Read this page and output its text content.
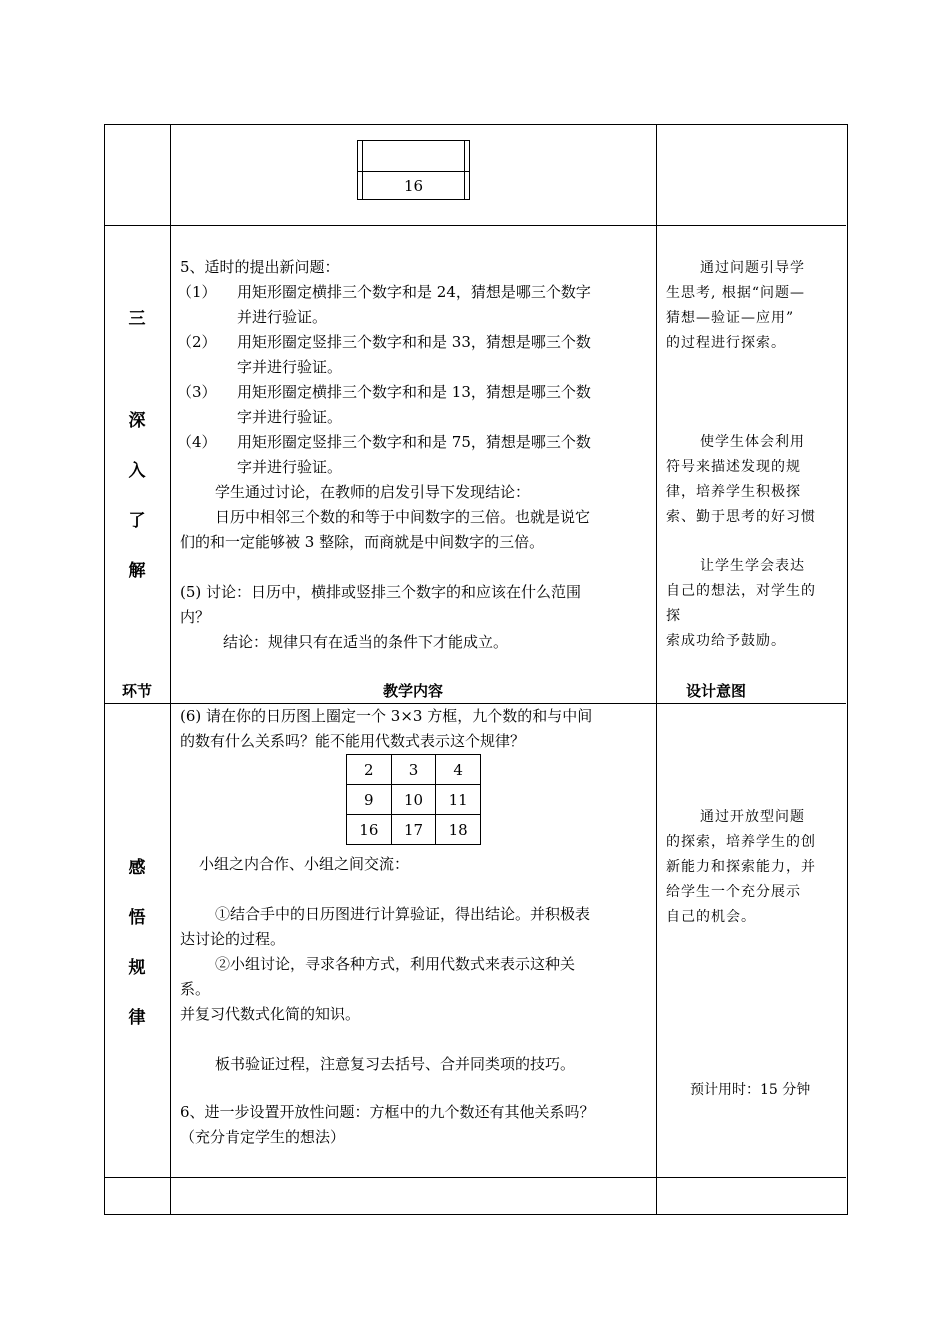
	16	
三
深
入
了
解
5、适时的提出新问题：
（1） 用矩形圈定横排三个数字和是 24，猜想是哪三个数字
并进行验证。
（2） 用矩形圈定竖排三个数字和和是 33，猜想是哪三个数
字并进行验证。
（3） 用矩形圈定横排三个数字和和是 13，猜想是哪三个数
字并进行验证。
（4） 用矩形圈定竖排三个数字和和是 75，猜想是哪三个数
字并进行验证。
学生通过讨论，在教师的启发引导下发现结论：
日历中相邻三个数的和等于中间数字的三倍。也就是说它
们的和一定能够被 3 整除，而商就是中间数字的三倍。
(5) 讨论：日历中，横排或竖排三个数字的和应该在什么范围
内？
结论：规律只有在适当的条件下才能成立。
通过问题引导学
生思考, 根据“问题—
猜想—验证—应用”
的过程进行探索。
使学生体会利用
符号来描述发现的规
律，培养学生积极探
索、勤于思考的好习惯
让学生学会表达
自己的想法，对学生的
探
索成功给予鼓励。
环节	教学内容	设计意图
感
悟
规
律
(6) 请在你的日历图上圈定一个 3×3 方框，九个数的和与中间
的数有什么关系吗？能不能用代数式表示这个规律？
2	3	4
9	10	11
16	17	18
小组之内合作、小组之间交流：
①结合手中的日历图进行计算验证，得出结论。并积极表
达讨论的过程。
②小组讨论，寻求各种方式，利用代数式来表示这种关
系。
并复习代数式化简的知识。
板书验证过程，注意复习去括号、合并同类项的技巧。
6、进一步设置开放性问题：方框中的九个数还有其他关系吗？
（充分肯定学生的想法）
通过开放型问题
的探索，培养学生的创
新能力和探索能力，并
给学生一个充分展示
自己的机会。
预计用时：15 分钟
